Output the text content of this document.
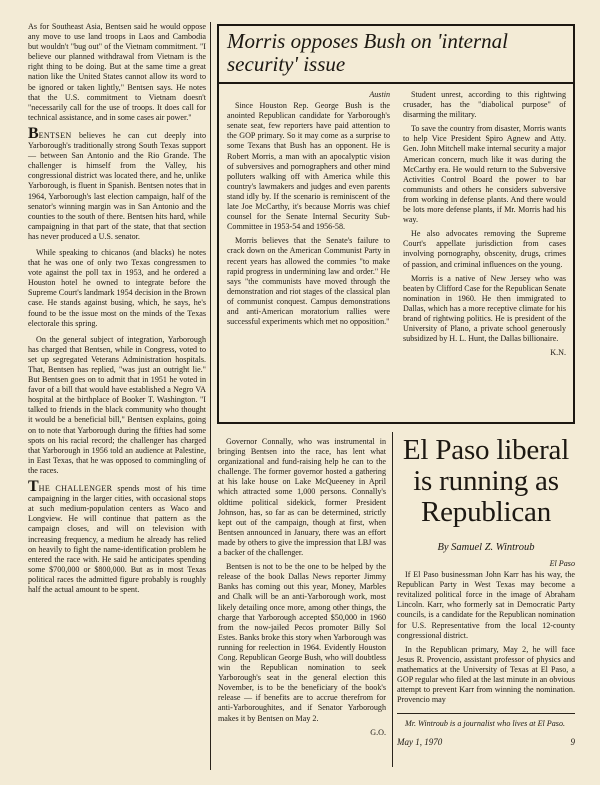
As for Southeast Asia, Bentsen said he would oppose any move to use land troops in Laos and Cambodia but wouldn't "bug out" of the Vietnam commitment. "I believe our planned withdrawal from Vietnam is the right thing to be doing. But at the same time a great nation like the United States cannot allow its word to be ignored or taken lightly," Bentsen says. He notes that the U.S. commitment to Vietnam doesn't "necessarily call for the use of troops. It does call for technical assistance, and in some cases air power."

BENTSEN believes he can cut deeply into Yarborough's traditionally strong South Texas support — between San Antonio and the Rio Grande. The challenger is himself from the Valley, his congressional district was located there, and he, unlike Yarborough, is fluent in Spanish. Bentsen notes that in 1964, Yarborough's last election campaign, half of the senator's winning margin was in San Antonio and the counties to the south of there. Bentsen hits hard, while campaigning in that part of the state, that that section has never produced a U.S. senator.

While speaking to chicanos (and blacks) he notes that he was one of only two Texas congressmen to vote against the poll tax in 1953, and he ordered a Houston hotel he owned to integrate before the Supreme Court's landmark 1954 decision in the Brown case. He stands against busing, which, he says, he's found to be the issue most on the minds of the Texas electorale this spring.

On the general subject of integration, Yarborough has charged that Bentsen, while in Congress, voted to set up segregated Veterans Administration hospitals. That, Bentsen has replied, "was just an outright lie." But Bentsen goes on to admit that in 1951 he voted in favor of a bill that would have established a Negro VA hospital at the birthplace of Booker T. Washington. "I talked to friends in the black community who thought it would be a beneficial bill," Bentsen explains, going on to note that Yarborough during the fifties had some spots on his racial record; the challenger has charged that Yarborough in 1956 told an audience at Palestine, in East Texas, that he was opposed to commingling of the races.

THE CHALLENGER spends most of his time campaigning in the larger cities, with occasional stops at such medium-population centers as Waco and Longview. He will continue that pattern as the campaign closes, and will on television with increasing frequency, a medium he already has relied on heavily to fight the name-identification problem he entered the race with. He said he anticipates spending some $700,000 or $800,000. But as in most Texas political races the admitted figure probably is roughly half the actual amount to be spent.

Morris opposes Bush on 'internal security' issue
Austin

Since Houston Rep. George Bush is the anointed Republican candidate for Yarborough's senate seat, few reporters have paid attention to the GOP primary. So it may come as a surprise to some Texans that Bush has an opponent. He is Robert Morris, a man with an apocalyptic vision of subversives and pornographers and other mind polluters walking off with America while this country's lawmakers and judges and even parents stand idly by. If the scenario is reminiscent of the late Joe McCarthy, it's because Morris was chief counsel for the Senate Internal Security Sub-Committee in 1953-54 and 1956-58.

Morris believes that the Senate's failure to crack down on the American Communist Party in recent years has allowed the commies "to make rapid progress in undermining law and order." He says "the communists have moved through the demonstration and riot stages of the classical plan of communist conquest. Campus demonstrations and anti-American moratorium rallies were successful experiments which met no opposition."

Student unrest, according to this rightwing crusader, has the "diabolical purpose" of disarming the military.

To save the country from disaster, Morris wants to help Vice President Spiro Agnew and Atty. Gen. John Mitchell make internal security a major American concern, much like it was during the McCarthy era. He would return to the Subversive Activities Control Board the power to bar communists and others he considers subversive from working in defense plants. And there would be lots more defense plants, if Mr. Morris had his way.

He also advocates removing the Supreme Court's appellate jurisdiction from cases involving pornography, obscenity, drugs, crimes of passion, and criminal influences on the young.

Morris is a native of New Jersey who was beaten by Clifford Case for the Republican Senate nomination in 1960. He then immigrated to Dallas, which has a more receptive climate for his brand of rightwing politics. He is president of the University of Plano, a private school generously subsidized by H. L. Hunt, the Dallas billionaire.

K.N.

Governor Connally, who was instrumental in bringing Bentsen into the race, has lent what organizational and fund-raising help he can to the challenge. The former governor hosted a gathering at his lake house on Lake McQueeney in April which attracted some 1,000 persons. Connally's oldtime political sidekick, former President Johnson, has, so far as can be determined, strictly kept out of the campaign, though at first, when Bentsen announced in January, there was an effort made by others to give the impression that LBJ was a backer of the challenger.

Bentsen is not to be the one to be helped by the release of the book Dallas News reporter Jimmy Banks has coming out this year, Money, Marbles and Chalk will be an anti-Yarborough work, most likely detailing once more, among other things, the charge that Yarborough accepted $50,000 in 1960 from the now-jailed Pecos promoter Billy Sol Estes. Banks broke this story when Yarborough was running for reelection in 1964. Evidently Houston Cong. Republican George Bush, who will doubtless win the Republican nomination to seek Yarborough's seat in the general election this November, is to be the beneficiary of the book's release — if benefits are to accrue therefrom for anti-Yarboroughites, and if Senator Yarborough makes it by Bentsen on May 2.

G.O.
El Paso liberal is running as Republican
By Samuel Z. Wintroub
El Paso

If El Paso businessman John Karr has his way, the Republican Party in West Texas may become a revitalized political force in the image of Abraham Lincoln. Karr, who formerly sat in Democratic Party councils, is a candidate for the Republican nomination for U.S. Representative from the local 12-county congressional district.

In the Republican primary, May 2, he will face Jesus R. Provencio, assistant professor of physics and mathematics at the University of Texas at El Paso, a GOP regular who filed at the last minute in an obvious attempt to prevent Karr from winning the nomination. Provencio may

Mr. Wintroub is a journalist who lives at El Paso.
May 1, 1970	9
